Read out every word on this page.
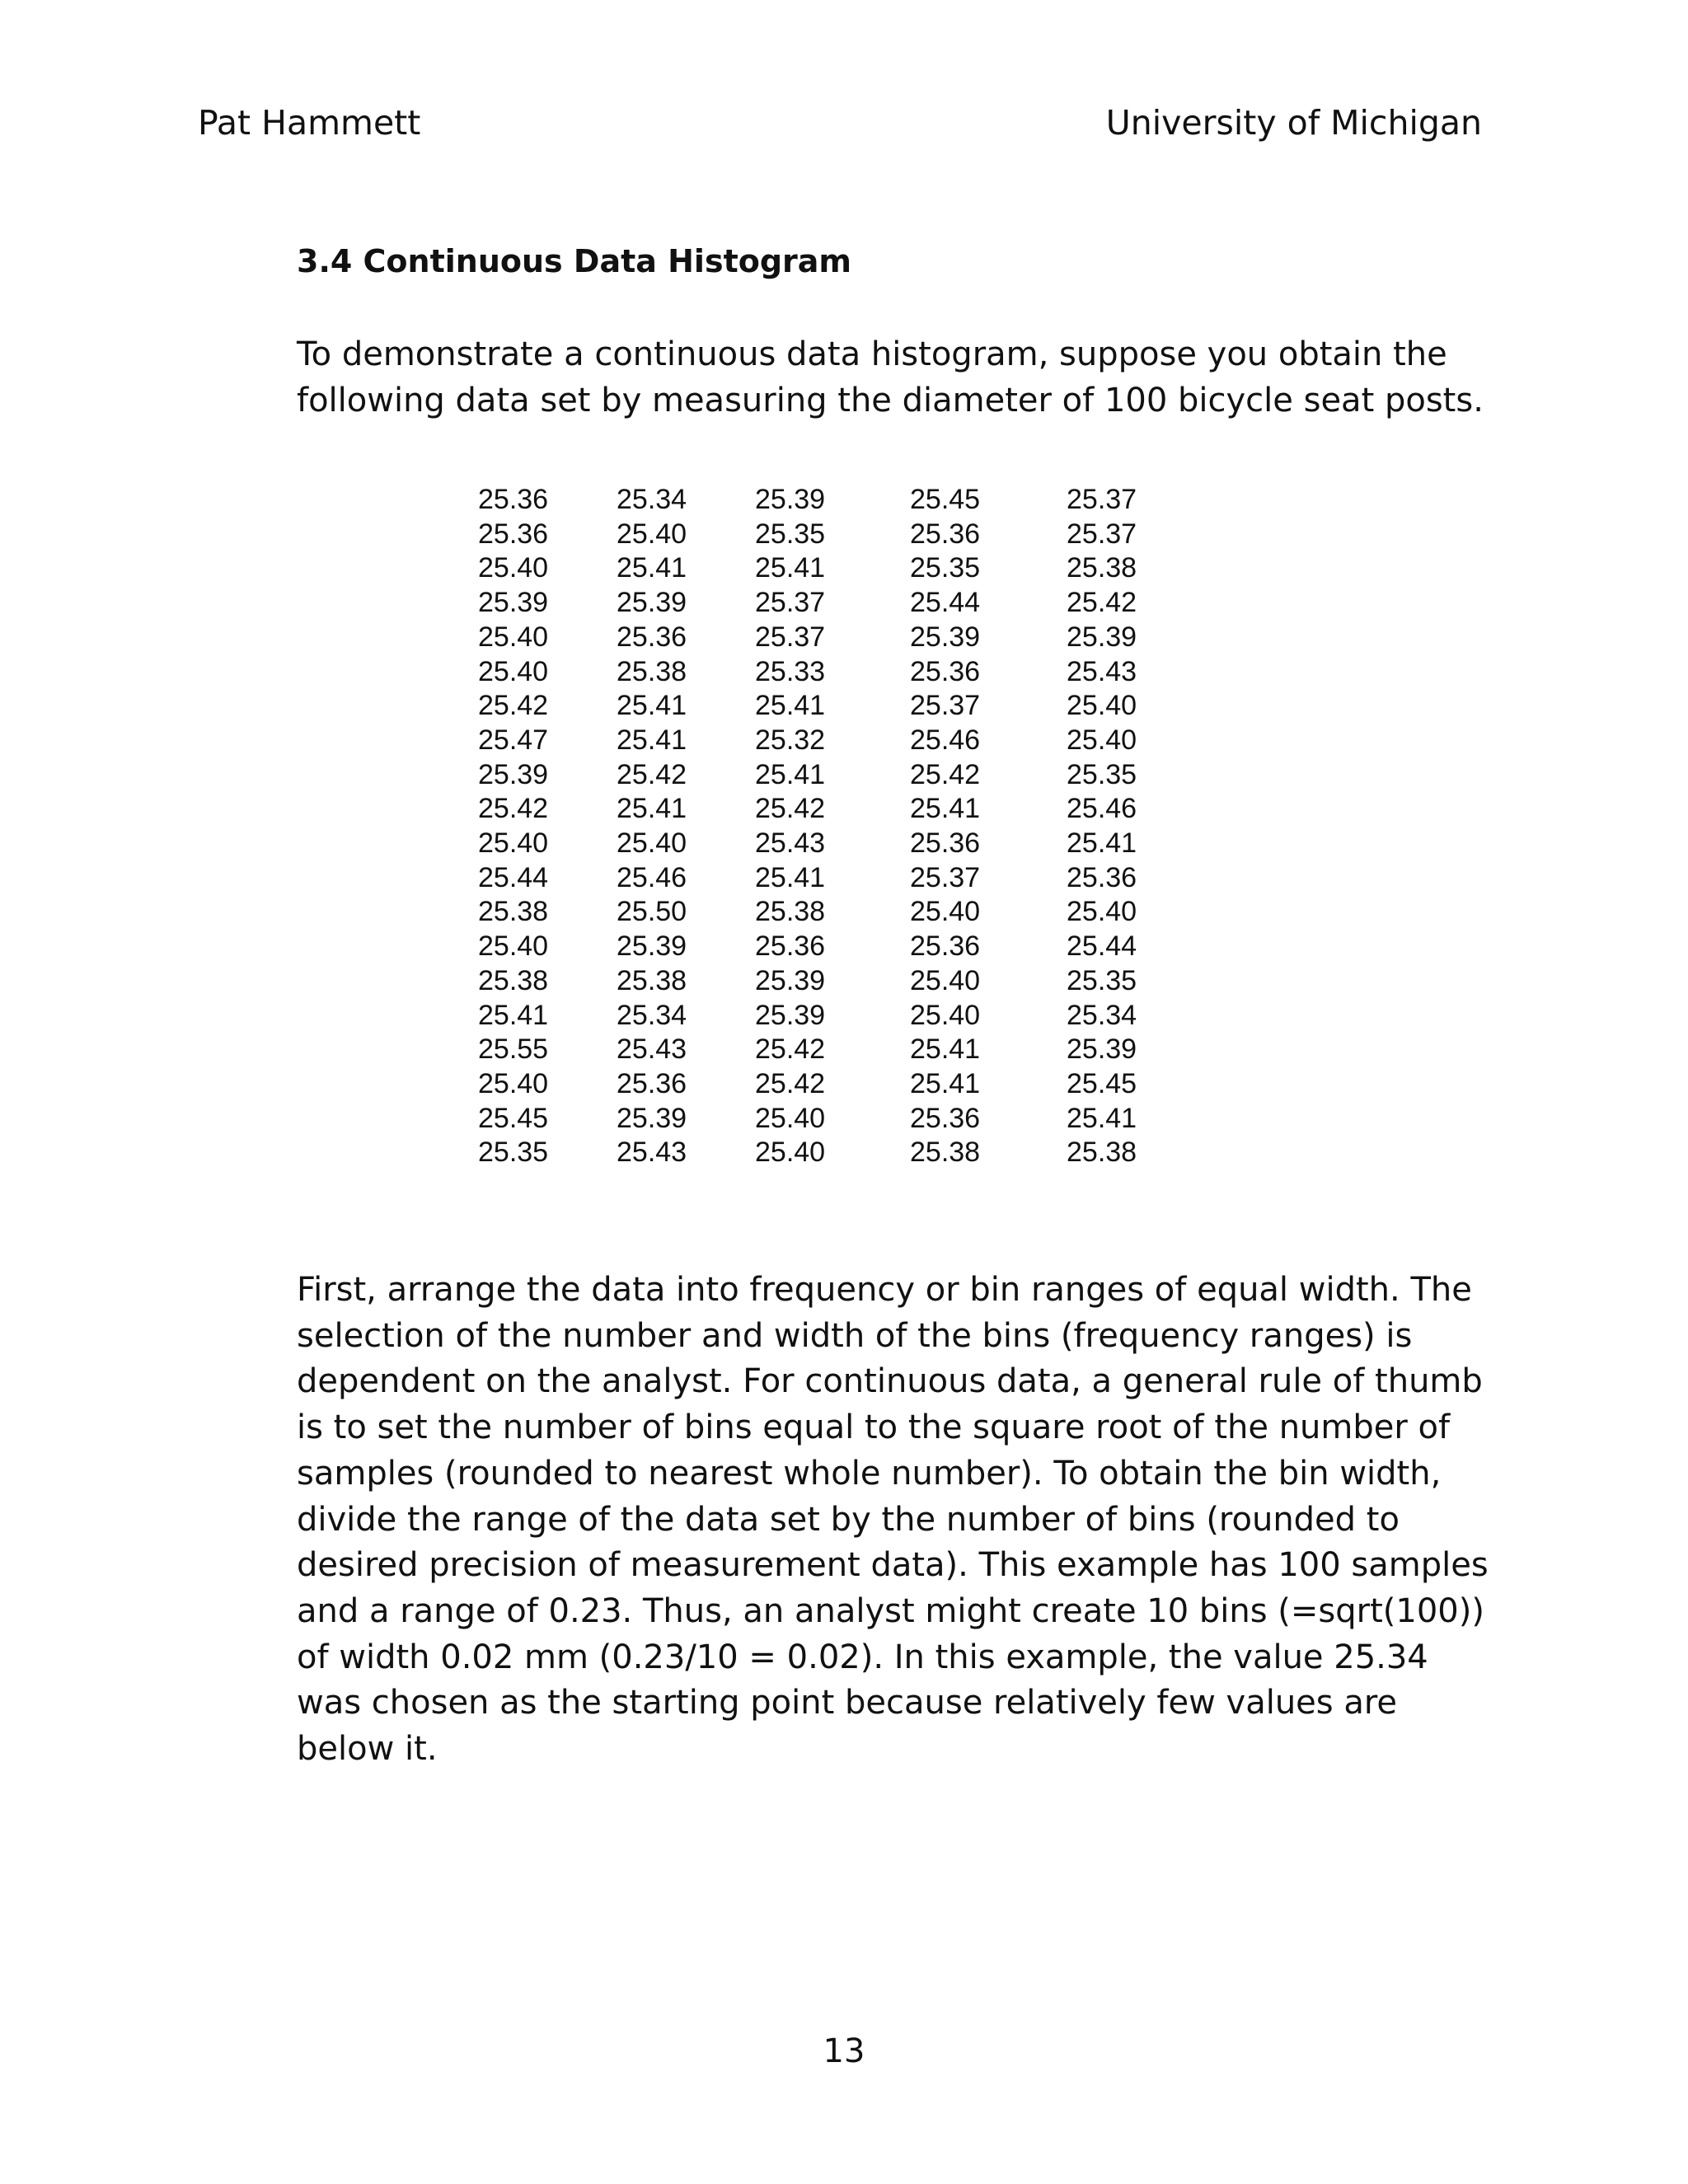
Pat Hammett	University of Michigan
3.4 Continuous Data Histogram

To demonstrate a continuous data histogram, suppose you obtain the following data set by measuring the diameter of 100 bicycle seat posts.

25.36	25.34	25.39	25.45	25.37
25.36	25.40	25.35	25.36	25.37
25.40	25.41	25.41	25.35	25.38
25.39	25.39	25.37	25.44	25.42
25.40	25.36	25.37	25.39	25.39
25.40	25.38	25.33	25.36	25.43
25.42	25.41	25.41	25.37	25.40
25.47	25.41	25.32	25.46	25.40
25.39	25.42	25.41	25.42	25.35
25.42	25.41	25.42	25.41	25.46
25.40	25.40	25.43	25.36	25.41
25.44	25.46	25.41	25.37	25.36
25.38	25.50	25.38	25.40	25.40
25.40	25.39	25.36	25.36	25.44
25.38	25.38	25.39	25.40	25.35
25.41	25.34	25.39	25.40	25.34
25.55	25.43	25.42	25.41	25.39
25.40	25.36	25.42	25.41	25.45
25.45	25.39	25.40	25.36	25.41
25.35	25.43	25.40	25.38	25.38

First, arrange the data into frequency or bin ranges of equal width. The selection of the number and width of the bins (frequency ranges) is dependent on the analyst. For continuous data, a general rule of thumb is to set the number of bins equal to the square root of the number of samples (rounded to nearest whole number). To obtain the bin width, divide the range of the data set by the number of bins (rounded to desired precision of measurement data). This example has 100 samples and a range of 0.23. Thus, an analyst might create 10 bins (=sqrt(100)) of width 0.02 mm (0.23/10 = 0.02). In this example, the value 25.34 was chosen as the starting point because relatively few values are below it.

13
